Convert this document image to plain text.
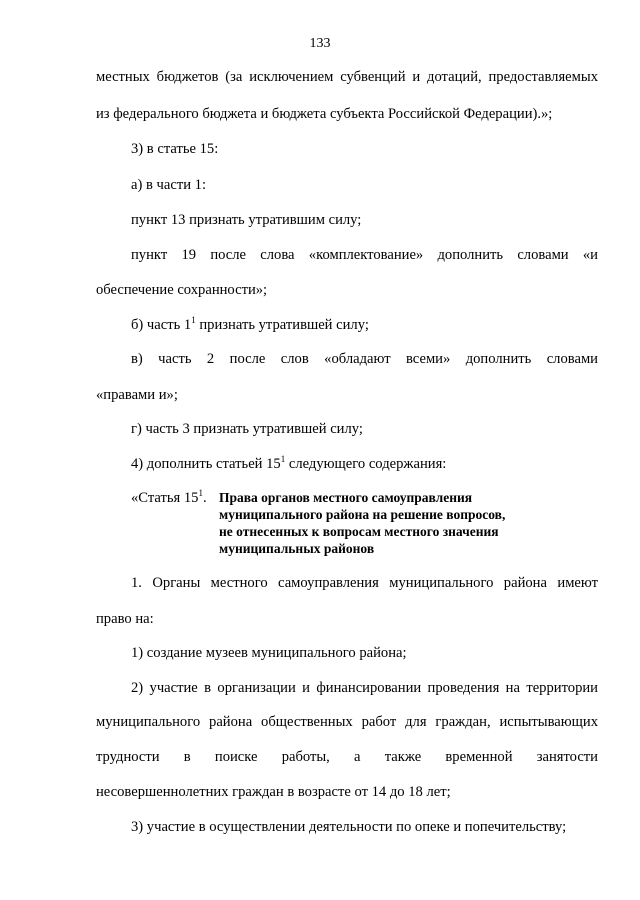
133
местных бюджетов (за исключением субвенций и дотаций, предоставляемых
из федерального бюджета и бюджета субъекта Российской Федерации).»;
3) в статье 15:
а) в части 1:
пункт 13 признать утратившим силу;
пункт 19 после слова «комплектование» дополнить словами «и
обеспечение сохранности»;
б) часть $1^1$ признать утратившей силу;
в) часть 2 после слов «обладают всеми» дополнить словами
«правами и»;
г) часть 3 признать утратившей силу;
4) дополнить статьей $15^1$ следующего содержания:
«Статья $15^1$. Права органов местного самоуправления
муниципального района на решение вопросов,
не отнесенных к вопросам местного значения
муниципальных районов
1. Органы местного самоуправления муниципального района имеют
право на:
1) создание музеев муниципального района;
2) участие в организации и финансировании проведения на территории
муниципального района общественных работ для граждан, испытывающих
трудности в поиске работы, а также временной занятости
несовершеннолетних граждан в возрасте от 14 до 18 лет;
3) участие в осуществлении деятельности по опеке и попечительству;
